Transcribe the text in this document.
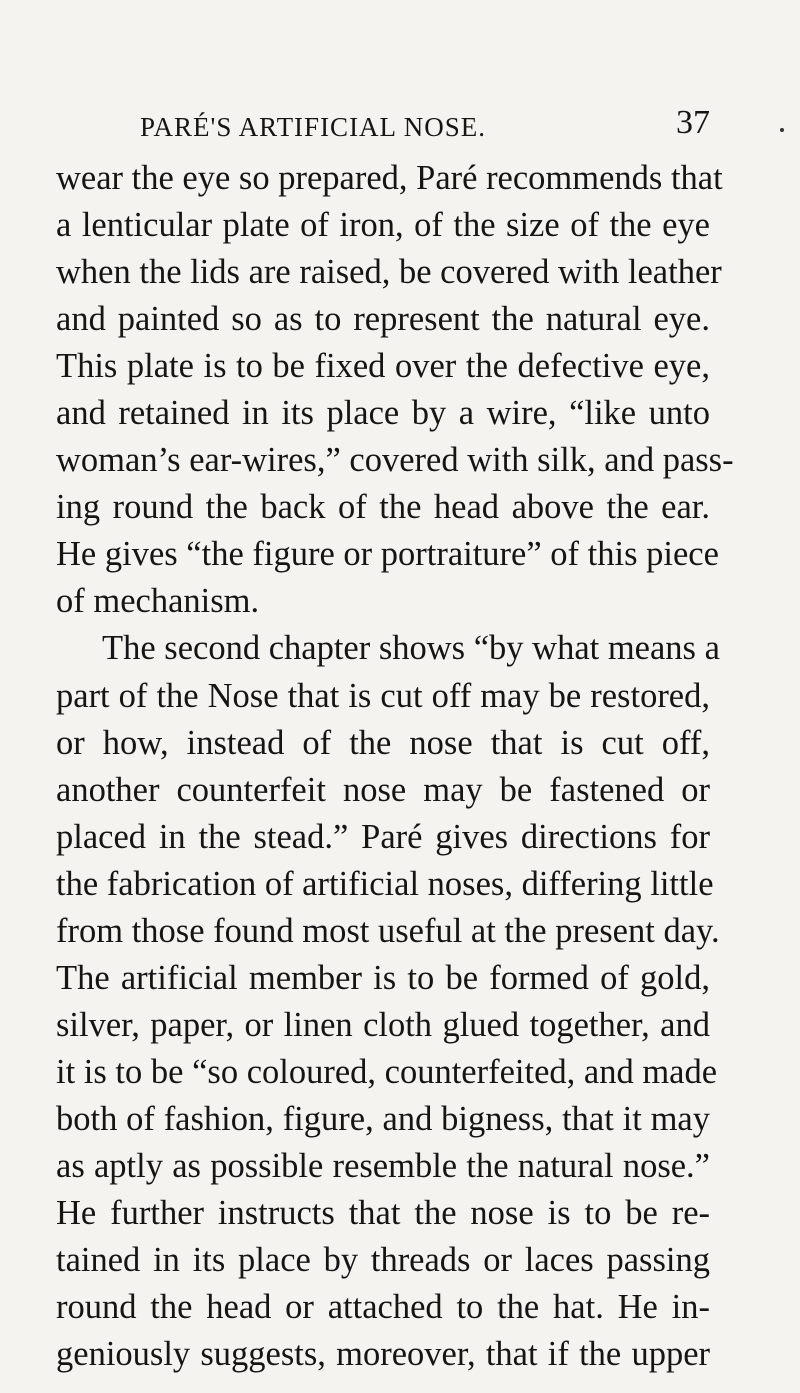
PARÉ'S ARTIFICIAL NOSE.	37
wear the eye so prepared, Paré recommends that
a lenticular plate of iron, of the size of the eye
when the lids are raised, be covered with leather
and painted so as to represent the natural eye.
This plate is to be fixed over the defective eye,
and retained in its place by a wire, “like unto
woman’s ear-wires,” covered with silk, and pass-
ing round the back of the head above the ear.
He gives “the figure or portraiture” of this piece
of mechanism.
The second chapter shows “by what means a
part of the Nose that is cut off may be restored,
or how, instead of the nose that is cut off,
another counterfeit nose may be fastened or
placed in the stead.” Paré gives directions for
the fabrication of artificial noses, differing little
from those found most useful at the present day.
The artificial member is to be formed of gold,
silver, paper, or linen cloth glued together, and
it is to be “so coloured, counterfeited, and made
both of fashion, figure, and bigness, that it may
as aptly as possible resemble the natural nose.”
He further instructs that the nose is to be re-
tained in its place by threads or laces passing
round the head or attached to the hat. He in-
geniously suggests, moreover, that if the upper
